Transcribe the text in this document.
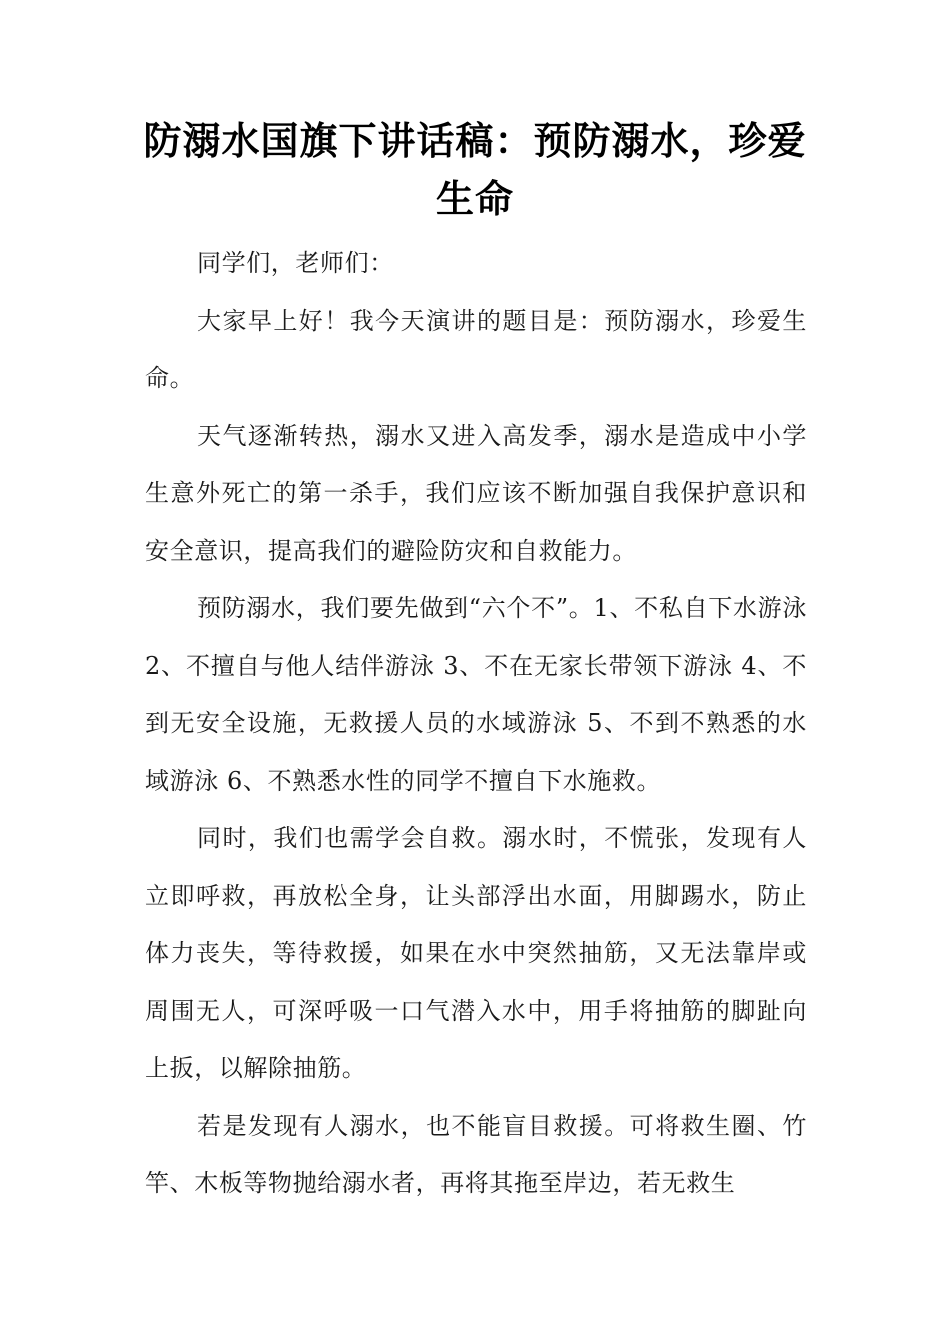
防溺水国旗下讲话稿：预防溺水，珍爱生命

同学们，老师们：

大家早上好！我今天演讲的题目是：预防溺水，珍爱生命。

天气逐渐转热，溺水又进入高发季，溺水是造成中小学生意外死亡的第一杀手，我们应该不断加强自我保护意识和安全意识，提高我们的避险防灾和自救能力。

预防溺水，我们要先做到“六个不”。1、不私自下水游泳 2、不擅自与他人结伴游泳 3、不在无家长带领下游泳 4、不到无安全设施，无救援人员的水域游泳 5、不到不熟悉的水域游泳 6、不熟悉水性的同学不擅自下水施救。

同时，我们也需学会自救。溺水时，不慌张，发现有人立即呼救，再放松全身，让头部浮出水面，用脚踢水，防止体力丧失，等待救援，如果在水中突然抽筋，又无法靠岸或周围无人，可深呼吸一口气潜入水中，用手将抽筋的脚趾向上扳，以解除抽筋。

若是发现有人溺水，也不能盲目救援。可将救生圈、竹竿、木板等物抛给溺水者，再将其拖至岸边，若无救生
